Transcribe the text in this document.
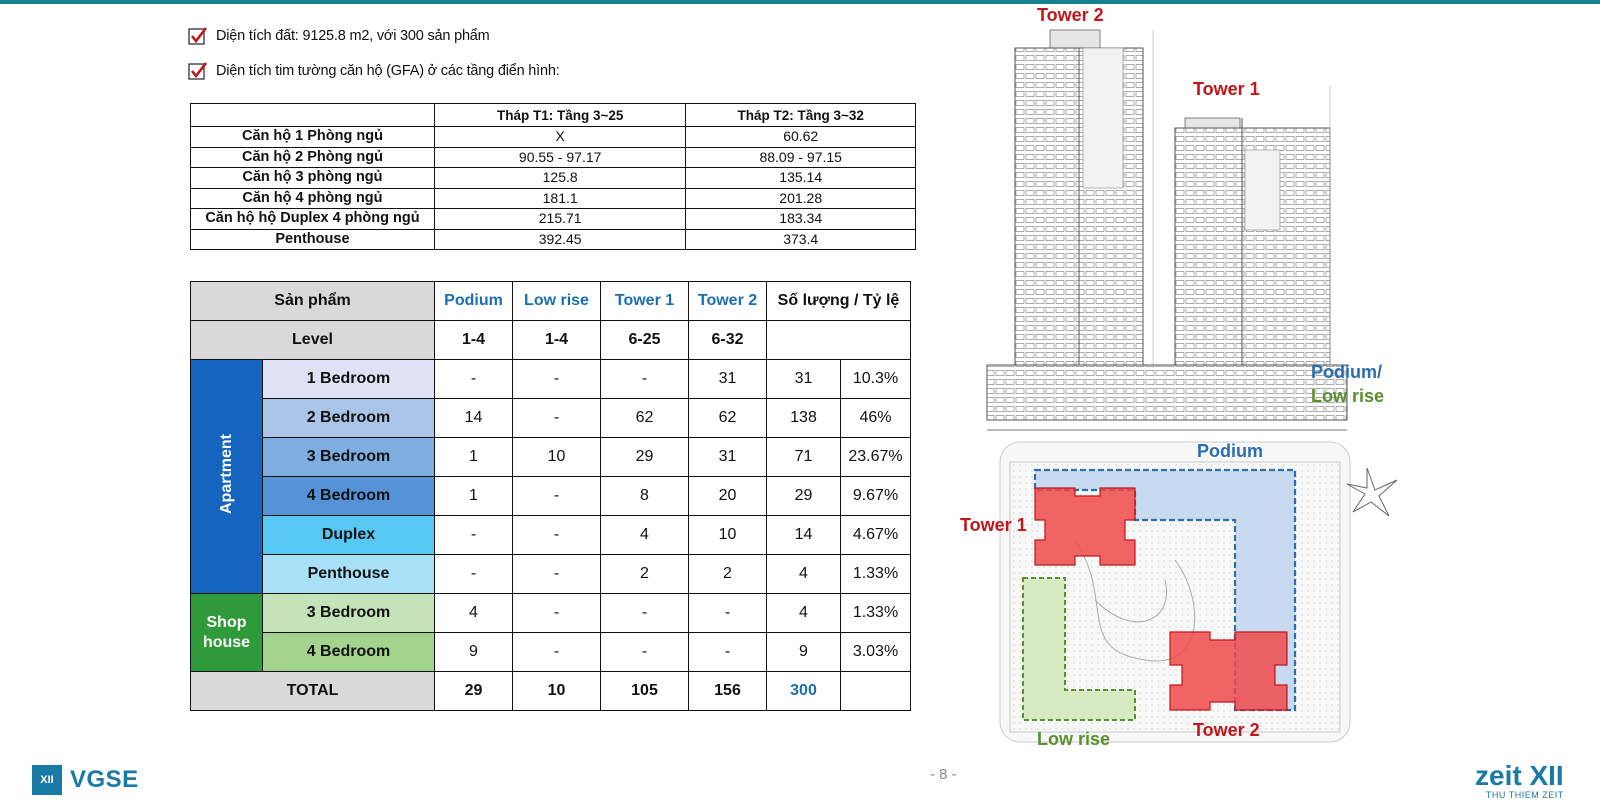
Diện tích đất: 9125.8 m2, với 300 sản phẩm
Diện tích tim tường căn hộ (GFA) ở các tầng điển hình:
	Tháp T1: Tầng 3~25	Tháp T2: Tầng 3~32
Căn hộ 1 Phòng ngủ	X	60.62
Căn hộ 2 Phòng ngủ	90.55 - 97.17	88.09 - 97.15
Căn hộ 3 phòng ngủ	125.8	135.14
Căn hộ 4 phòng ngủ	181.1	201.28
Căn hộ hộ Duplex 4 phòng ngủ	215.71	183.34
Penthouse	392.45	373.4
Sản phẩm		Podium	Low rise	Tower 1	Tower 2	Số lượng / Tỷ lệ	
Level		1-4	1-4	6-25	6-32		
Apartment	1 Bedroom	-	-	-	31	31	10.3%
	2 Bedroom	14	-	62	62	138	46%
	3 Bedroom	1	10	29	31	71	23.67%
	4 Bedroom	1	-	8	20	29	9.67%
	Duplex	-	-	4	10	14	4.67%
	Penthouse	-	-	2	2	4	1.33%
Shop house	3 Bedroom	4	-	-	-	4	1.33%
	4 Bedroom	9	-	-	-	9	3.03%
TOTAL		29	10	105	156	300	
Tower 2
Tower 1
Podium/
Low rise
Podium
Tower 1
Low rise	Tower 2
XII VGSE	- 8 -	zeit XII
THU THIEM ZEIT
